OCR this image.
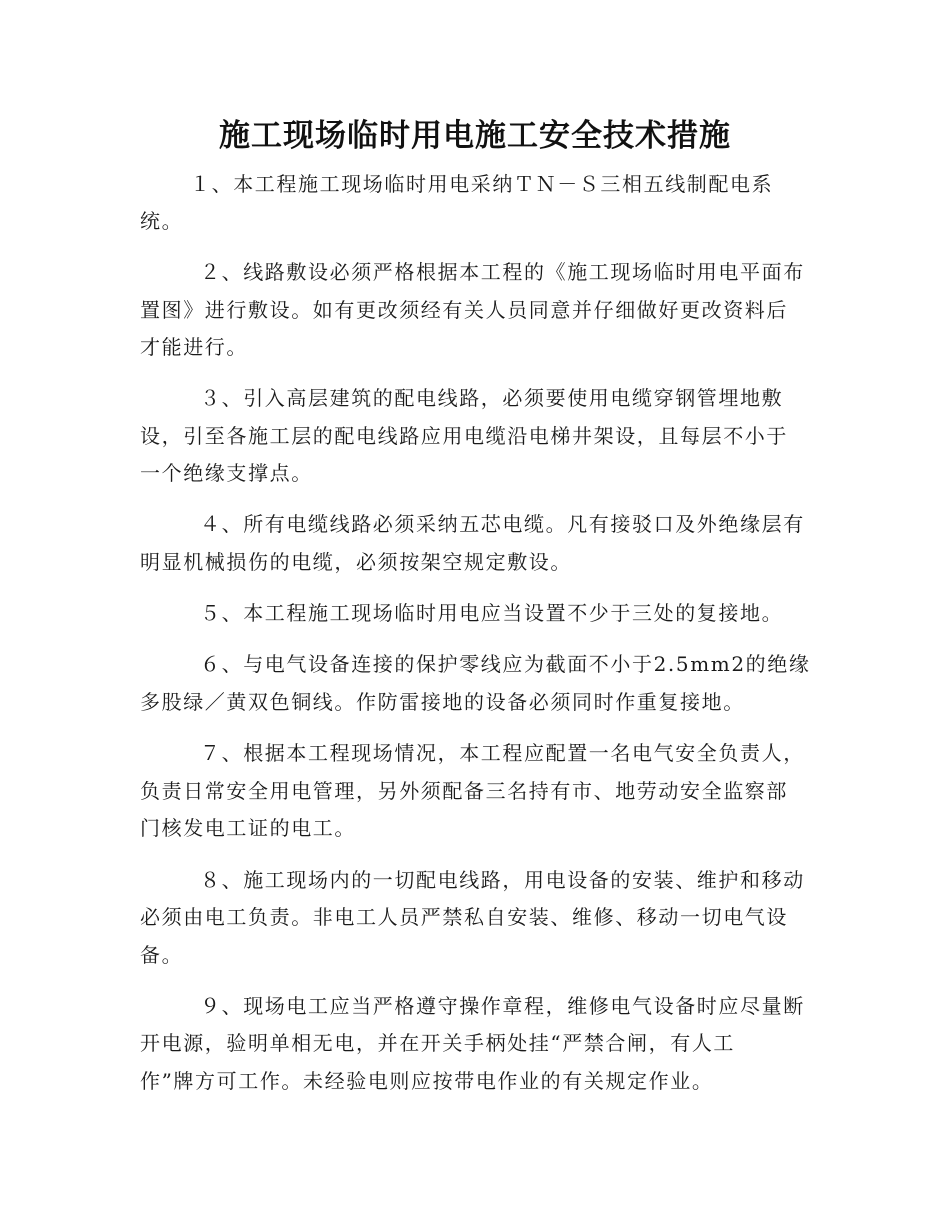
施工现场临时用电施工安全技术措施
１、本工程施工现场临时用电采纳ＴＮ－Ｓ三相五线制配电系
统。
２、线路敷设必须严格根据本工程的《施工现场临时用电平面布
置图》进行敷设。如有更改须经有关人员同意并仔细做好更改资料后
才能进行。
３、引入高层建筑的配电线路，必须要使用电缆穿钢管埋地敷
设，引至各施工层的配电线路应用电缆沿电梯井架设，且每层不小于
一个绝缘支撑点。
４、所有电缆线路必须采纳五芯电缆。凡有接驳口及外绝缘层有
明显机械损伤的电缆，必须按架空规定敷设。
５、本工程施工现场临时用电应当设置不少于三处的复接地。
６、与电气设备连接的保护零线应为截面不小于2.5mm2的绝缘
多股绿／黄双色铜线。作防雷接地的设备必须同时作重复接地。
７、根据本工程现场情况，本工程应配置一名电气安全负责人，
负责日常安全用电管理，另外须配备三名持有市、地劳动安全监察部
门核发电工证的电工。
８、施工现场内的一切配电线路，用电设备的安装、维护和移动
必须由电工负责。非电工人员严禁私自安装、维修、移动一切电气设
备。
９、现场电工应当严格遵守操作章程，维修电气设备时应尽量断
开电源，验明单相无电，并在开关手柄处挂“严禁合闸，有人工
作”牌方可工作。未经验电则应按带电作业的有关规定作业。
